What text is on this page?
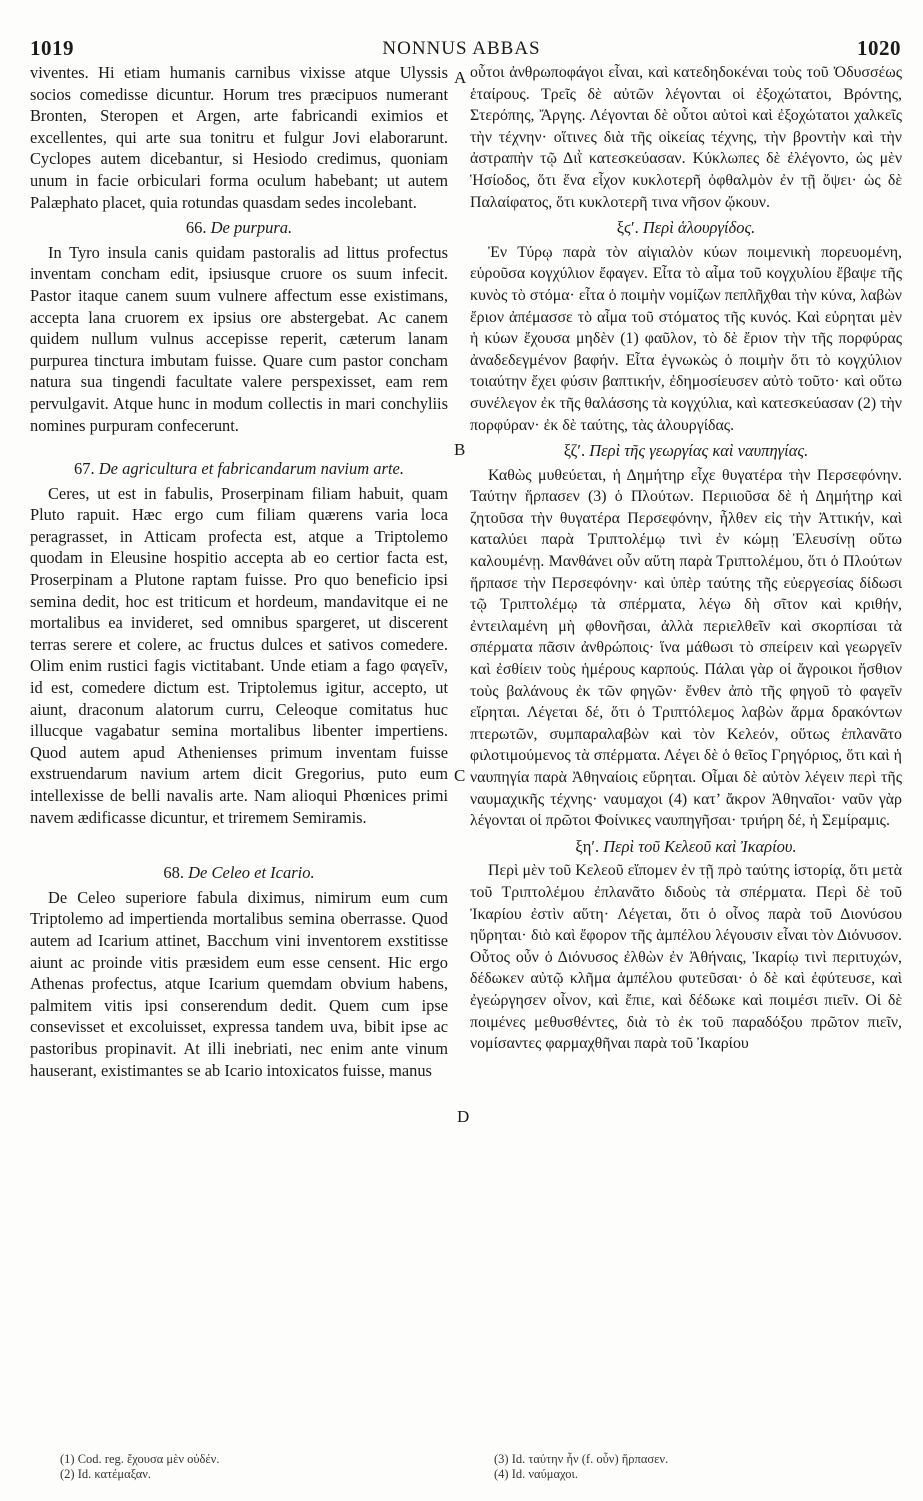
1019	NONNUS ABBAS	1020

viventes. Hi etiam humanis carnibus vixisse atque Ulyssis socios comedisse dicuntur. Horum tres præcipuos numerant Bronten, Steropen et Argen, arte fabricandi eximios et excellentes, qui arte sua tonitru et fulgur Jovi elaborarunt. Cyclopes autem dicebantur, si Hesiodo credimus, quoniam unum in facie orbiculari forma oculum habebant; ut autem Palæphato placet, quia rotundas quasdam sedes incolebant.

66. De purpura.

In Tyro insula canis quidam pastoralis ad littus profectus inventam concham edit, ipsiusque cruore os suum infecit. Pastor itaque canem suum vulnere affectum esse existimans, accepta lana cruorem ex ipsius ore abstergebat. Ac canem quidem nullum vulnus accepisse reperit, cæterum lanam purpurea tinctura imbutam fuisse. Quare cum pastor concham natura sua tingendi facultate valere perspexisset, eam rem pervulgavit. Atque hunc in modum collectis in mari conchyliis nomines purpuram confecerunt.

67. De agricultura et fabricandarum navium arte.

Ceres, ut est in fabulis, Proserpinam filiam habuit, quam Pluto rapuit. Hæc ergo cum filiam quærens varia loca peragrasset, in Atticam profecta est, atque a Triptolemo quodam in Eleusine hospitio accepta ab eo certior facta est, Proserpinam a Plutone raptam fuisse. Pro quo beneficio ipsi semina dedit, hoc est triticum et hordeum, mandavitque ei ne mortalibus ea invideret, sed omnibus spargeret, ut discerent terras serere et colere, ac fructus dulces et sativos comedere. Olim enim rustici fagis victitabant. Unde etiam a fago φαγεῖν, id est, comedere dictum est. Triptolemus igitur, accepto, ut aiunt, draconum alatorum curru, Celeoque comitatus huc illucque vagabatur semina mortalibus libenter impertiens. Quod autem apud Athenienses primum inventam fuisse exstruendarum navium artem dicit Gregorius, puto eum intellexisse de belli navalis arte. Nam alioqui Phœnices primi navem ædificasse dicuntur, et triremem Semiramis.

68. De Celeo et Icario.

De Celeo superiore fabula diximus, nimirum eum cum Triptolemo ad impertienda mortalibus semina oberrasse. Quod autem ad Icarium attinet, Bacchum vini inventorem exstitisse aiunt ac proinde vitis præsidem eum esse censent. Hic ergo Athenas profectus, atque Icarium quemdam obvium habens, palmitem vitis ipsi conserendum dedit. Quem cum ipse consevisset et excoluisset, expressa tandem uva, bibit ipse ac pastoribus propinavit. At illi inebriati, nec enim ante vinum hauserant, existimantes se ab Icario intoxicatos fuisse, manus

A
B
C
D

οὗτοι ἀνθρωποφάγοι εἶναι, καὶ κατεδηδοκέναι τοὺς τοῦ Ὀδυσσέως ἑταίρους. Τρεῖς δὲ αὐτῶν λέγονται οἱ ἐξοχώτατοι, Βρόντης, Στερόπης, Ἄργης. Λέγονται δὲ οὗτοι αὐτοὶ καὶ ἐξοχώτατοι χαλκεῖς τὴν τέχνην· οἵτινες διὰ τῆς οἰκείας τέχνης, τὴν βροντὴν καὶ τὴν ἀστραπὴν τῷ Διῒ κατεσκεύασαν. Κύκλωπες δὲ ἐλέγοντο, ὡς μὲν Ἡσίοδος, ὅτι ἕνα εἶχον κυκλοτερῆ ὀφθαλμὸν ἐν τῇ ὄψει· ὡς δὲ Παλαίφατος, ὅτι κυκλοτερῆ τινα νῆσον ᾤκουν.

ξϛʹ. Περὶ ἁλουργίδος.

Ἐν Τύρῳ παρὰ τὸν αἰγιαλὸν κύων ποιμενικὴ πορευομένη, εὑροῦσα κογχύλιον ἔφαγεν. Εἶτα τὸ αἷμα τοῦ κογχυλίου ἔβαψε τῆς κυνὸς τὸ στόμα· εἶτα ὁ ποιμὴν νομίζων πεπλῆχθαι τὴν κύνα, λαβὼν ἔριον ἀπέμασσε τὸ αἷμα τοῦ στόματος τῆς κυνός. Καὶ εὑρηται μὲν ἡ κύων ἔχουσα μηδὲν (1) φαῦλον, τὸ δὲ ἔριον τὴν τῆς πορφύρας ἀναδεδεγμένον βαφήν. Εἶτα ἐγνωκὼς ὁ ποιμὴν ὅτι τὸ κογχύλιον τοιαύτην ἔχει φύσιν βαπτικήν, ἐδημοσίευσεν αὐτὸ τοῦτο· καὶ οὕτω συνέλεγον ἐκ τῆς θαλάσσης τὰ κογχύλια, καὶ κατεσκεύασαν (2) τὴν πορφύραν· ἐκ δὲ ταύτης, τὰς ἁλουργίδας.

ξζʹ. Περὶ τῆς γεωργίας καὶ ναυπηγίας.

Καθὼς μυθεύεται, ἡ Δημήτηρ εἶχε θυγατέρα τὴν Περσεφόνην. Ταύτην ἥρπασεν (3) ὁ Πλούτων. Περιιοῦσα δὲ ἡ Δημήτηρ καὶ ζητοῦσα τὴν θυγατέρα Περσεφόνην, ἦλθεν εἰς τὴν Ἀττικήν, καὶ καταλύει παρὰ Τριπτολέμῳ τινὶ ἐν κώμῃ Ἐλευσίνῃ οὕτω καλουμένῃ. Μανθάνει οὖν αὕτη παρὰ Τριπτολέμου, ὅτι ὁ Πλούτων ἥρπασε τὴν Περσεφόνην· καὶ ὑπὲρ ταύτης τῆς εὐεργεσίας δίδωσι τῷ Τριπτολέμῳ τὰ σπέρματα, λέγω δὴ σῖτον καὶ κριθήν, ἐντειλαμένη μὴ φθονῆσαι, ἀλλὰ περιελθεῖν καὶ σκορπίσαι τὰ σπέρματα πᾶσιν ἀνθρώποις· ἵνα μάθωσι τὸ σπείρειν καὶ γεωργεῖν καὶ ἐσθίειν τοὺς ἡμέρους καρπούς. Πάλαι γὰρ οἱ ἄγροικοι ἤσθιον τοὺς βαλάνους ἐκ τῶν φηγῶν· ἔνθεν ἀπὸ τῆς φηγοῦ τὸ φαγεῖν εἴρηται. Λέγεται δέ, ὅτι ὁ Τριπτόλεμος λαβὼν ἅρμα δρακόντων πτερωτῶν, συμπαραλαβὼν καὶ τὸν Κελεόν, οὕτως ἐπλανᾶτο φιλοτιμούμενος τὰ σπέρματα. Λέγει δὲ ὁ θεῖος Γρηγόριος, ὅτι καὶ ἡ ναυπηγία παρὰ Ἀθηναίοις εὕρηται. Οἶμαι δὲ αὐτὸν λέγειν περὶ τῆς ναυμαχικῆς τέχνης· ναυμαχοι (4) κατ’ ἄκρον Ἀθηναῖοι· ναῦν γὰρ λέγονται οἱ πρῶτοι Φοίνικες ναυπηγῆσαι· τριήρη δέ, ἡ Σεμίραμις.

ξηʹ. Περὶ τοῦ Κελεοῦ καὶ Ἰκαρίου.

Περὶ μὲν τοῦ Κελεοῦ εἴπομεν ἐν τῇ πρὸ ταύτης ἱστορίᾳ, ὅτι μετὰ τοῦ Τριπτολέμου ἐπλανᾶτο διδοὺς τὰ σπέρματα. Περὶ δὲ τοῦ Ἰκαρίου ἐστὶν αὕτη· Λέγεται, ὅτι ὁ οἶνος παρὰ τοῦ Διονύσου ηὕρηται· διὸ καὶ ἔφορον τῆς ἀμπέλου λέγουσιν εἶναι τὸν Διόνυσον. Οὗτος οὖν ὁ Διόνυσος ἐλθὼν ἐν Ἀθήναις, Ἰκαρίῳ τινὶ περιτυχών, δέδωκεν αὐτῷ κλῆμα ἀμπέλου φυτεῦσαι· ὁ δὲ καὶ ἐφύτευσε, καὶ ἐγεώργησεν οἶνον, καὶ ἔπιε, καὶ δέδωκε καὶ ποιμέσι πιεῖν. Οἱ δὲ ποιμένες μεθυσθέντες, διὰ τὸ ἐκ τοῦ παραδόξου πρῶτον πιεῖν, νομίσαντες φαρμαχθῆναι παρὰ τοῦ Ἰκαρίου

(1) Cod. reg. ἔχουσα μὲν οὐδέν.
(2) Id. κατέμαξαν.
(3) Id. ταύτην ἦν (f. οὖν) ἥρπασεν.
(4) Id. ναύμαχοι.
